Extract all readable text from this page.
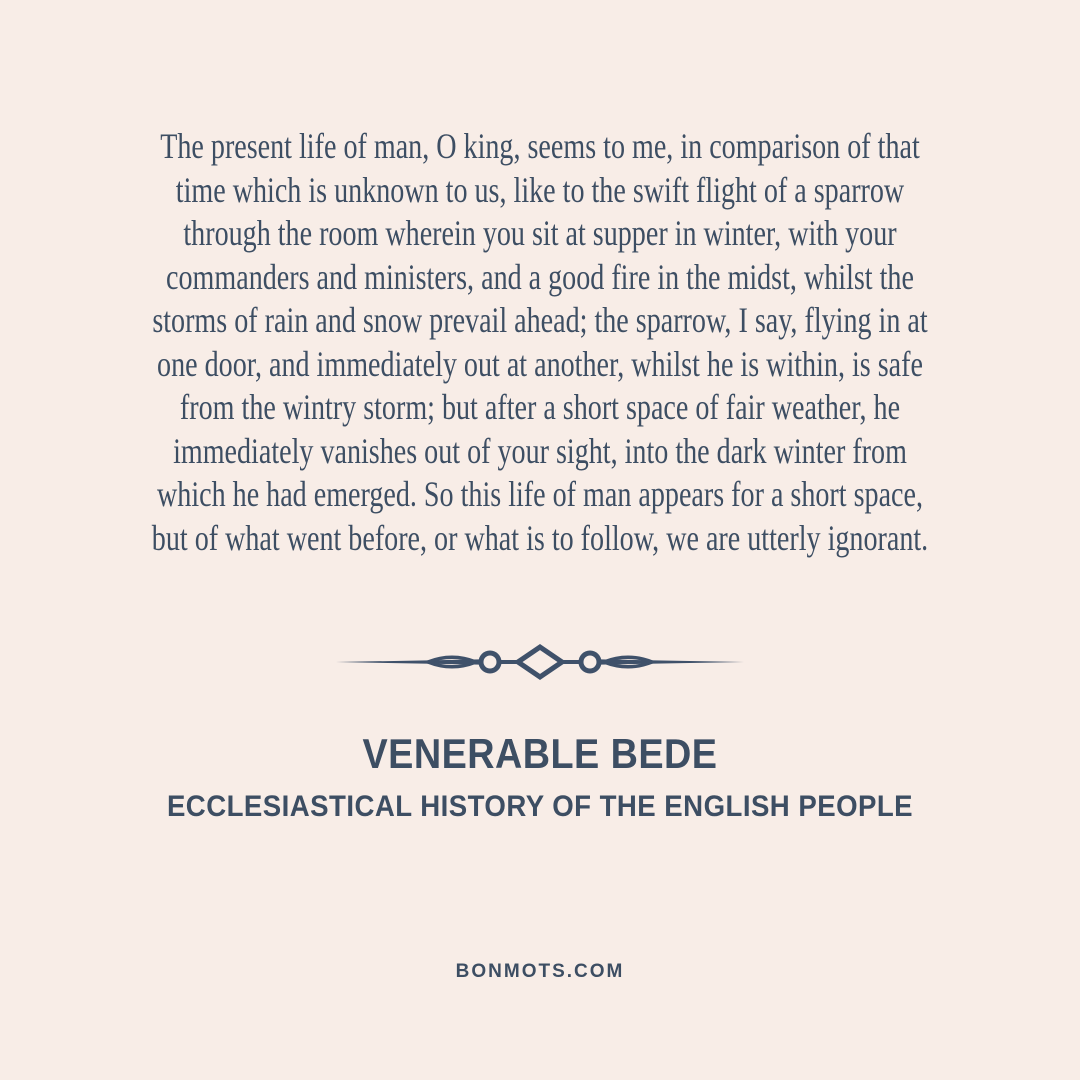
The present life of man, O king, seems to me, in comparison of that

time which is unknown to us, like to the swift flight of a sparrow

through the room wherein you sit at supper in winter, with your

commanders and ministers, and a good fire in the midst, whilst the

storms of rain and snow prevail ahead; the sparrow, I say, flying in at

one door, and immediately out at another, whilst he is within, is safe

from the wintry storm; but after a short space of fair weather, he

immediately vanishes out of your sight, into the dark winter from

which he had emerged. So this life of man appears for a short space,

but of what went before, or what is to follow, we are utterly ignorant.

VENERABLE BEDE
ECCLESIASTICAL HISTORY OF THE ENGLISH PEOPLE
BONMOTS.COM
